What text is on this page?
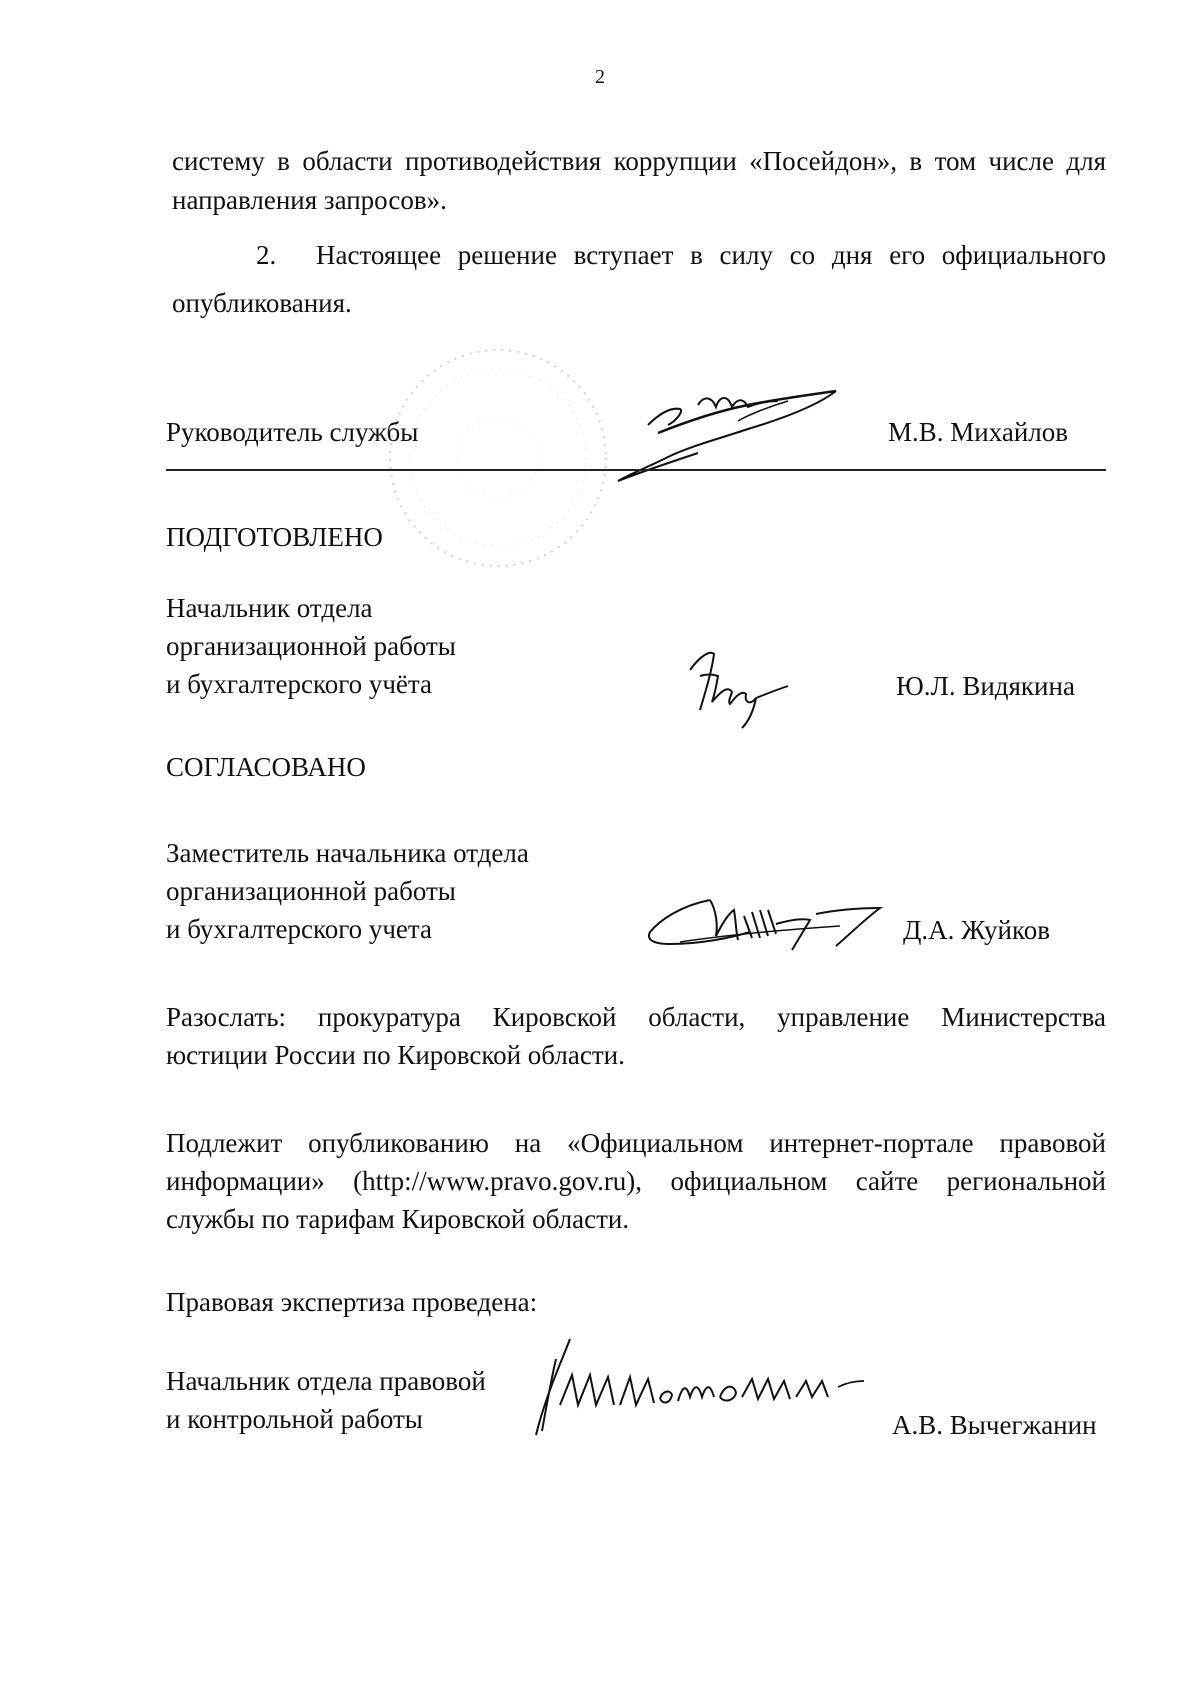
2
систему в области противодействия коррупции «Посейдон», в том числе для
направления запросов».
2. Настоящее решение вступает в силу со дня его официального
опубликования.
Руководитель службы	М.В. Михайлов
ПОДГОТОВЛЕНО
Начальник отдела
организационной работы
и бухгалтерского учёта	Ю.Л. Видякина
СОГЛАСОВАНО
Заместитель начальника отдела
организационной работы
и бухгалтерского учета	Д.А. Жуйков
Разослать: прокуратура Кировской области, управление Министерства
юстиции России по Кировской области.
Подлежит опубликованию на «Официальном интернет-портале правовой
информации» (http://www.pravo.gov.ru), официальном сайте региональной
службы по тарифам Кировской области.
Правовая экспертиза проведена:
Начальник отдела правовой
и контрольной работы	А.В. Вычегжанин
